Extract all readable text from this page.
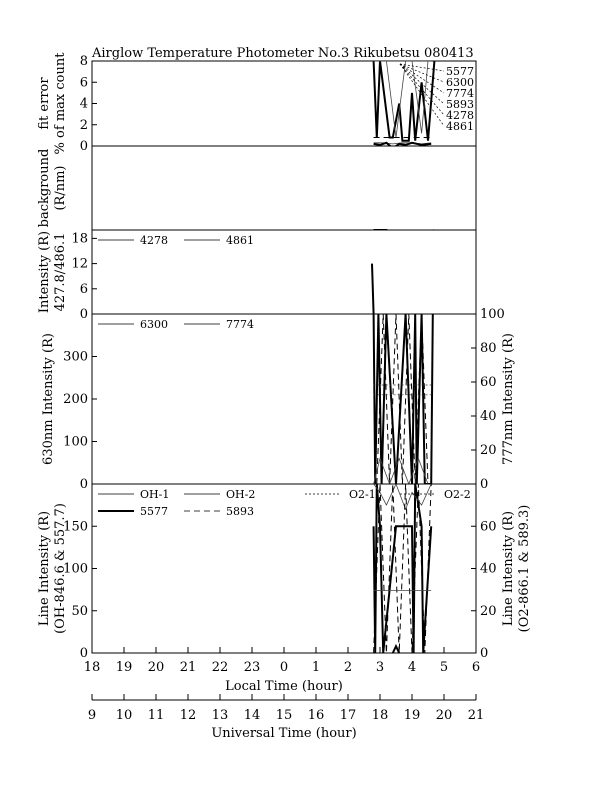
Airglow Temperature Photometer No.3 Rikubetsu 080413
0
2
4
6
8
fit error % of max count	5577
6300
7774
5893
4278
4861
background (R/nm)
0
6
12
18
Intensity (R) 427.8/486.1	4278	4861
0
100
200
300
0
20
40
60
80
100
630nm Intensity (R)	777nm Intensity (R)
6300	7774
0
50
100
150
0
20
40
60
Line Intensity (R) (OH-846.6 & 557.7)	Line Intensity (R) (O2-866.1 & 589.3)
OH-1	OH-2
5577	5893
O2-1	O2-2
18 19 20 21 22 23 0 1 2 3 4 5 6
Local Time (hour)
9 10 11 12 13 14 15 16 17 18 19 20 21
Universal Time (hour)
